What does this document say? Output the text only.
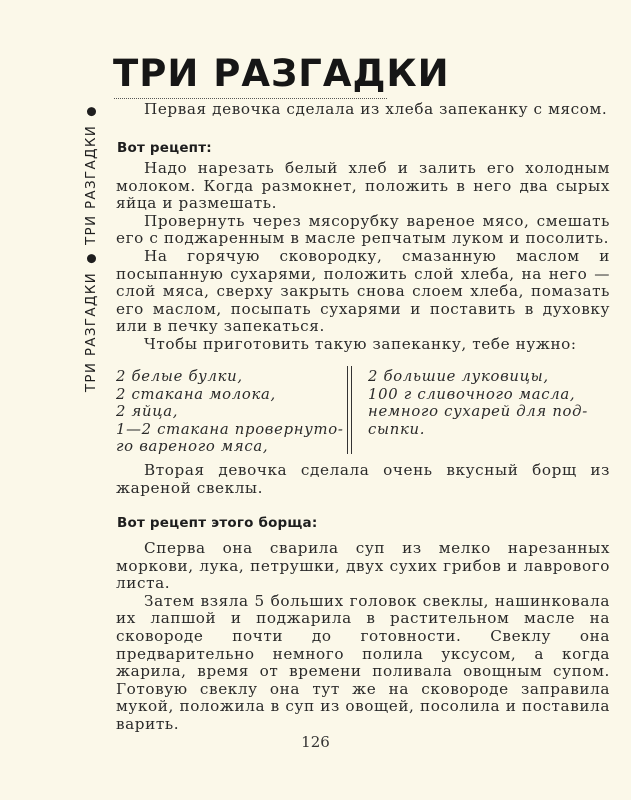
ТРИ РАЗГАДКИ
ТРИ РАЗГАДКИ
ТРИ РАЗГАДКИ

Первая девочка сделала из хлеба запеканку с мясом.

Вот рецепт:

Надо нарезать белый хлеб и залить его холодным молоком. Когда размокнет, положить в него два сырых яйца и размешать.

Провернуть через мясорубку вареное мясо, смешать его с поджаренным в масле репчатым луком и посолить.

На горячую сковородку, смазанную маслом и посыпанную сухарями, положить слой хлеба, на него — слой мяса, сверху закрыть снова слоем хлеба, помазать его маслом, посыпать сухарями и поставить в духовку или в печку запекаться.

Чтобы приготовить такую запеканку, тебе нужно:

2 белые булки,
2 стакана молока,
2 яйца,
1—2 стакана провернуто-
го вареного мяса,
2 большие луковицы,
100 г сливочного масла,
немного сухарей для под-
сыпки.

Вторая девочка сделала очень вкусный борщ из жареной свеклы.

Вот рецепт этого борща:

Сперва она сварила суп из мелко нарезанных моркови, лука, петрушки, двух сухих грибов и лаврового листа.

Затем взяла 5 больших головок свеклы, нашинковала их лапшой и поджарила в растительном масле на сковороде почти до готовности. Свеклу она предварительно немного полила уксусом, а когда жарила, время от времени поливала овощным супом. Готовую свеклу она тут же на сковороде заправила мукой, положила в суп из овощей, посолила и поставила варить.

126
